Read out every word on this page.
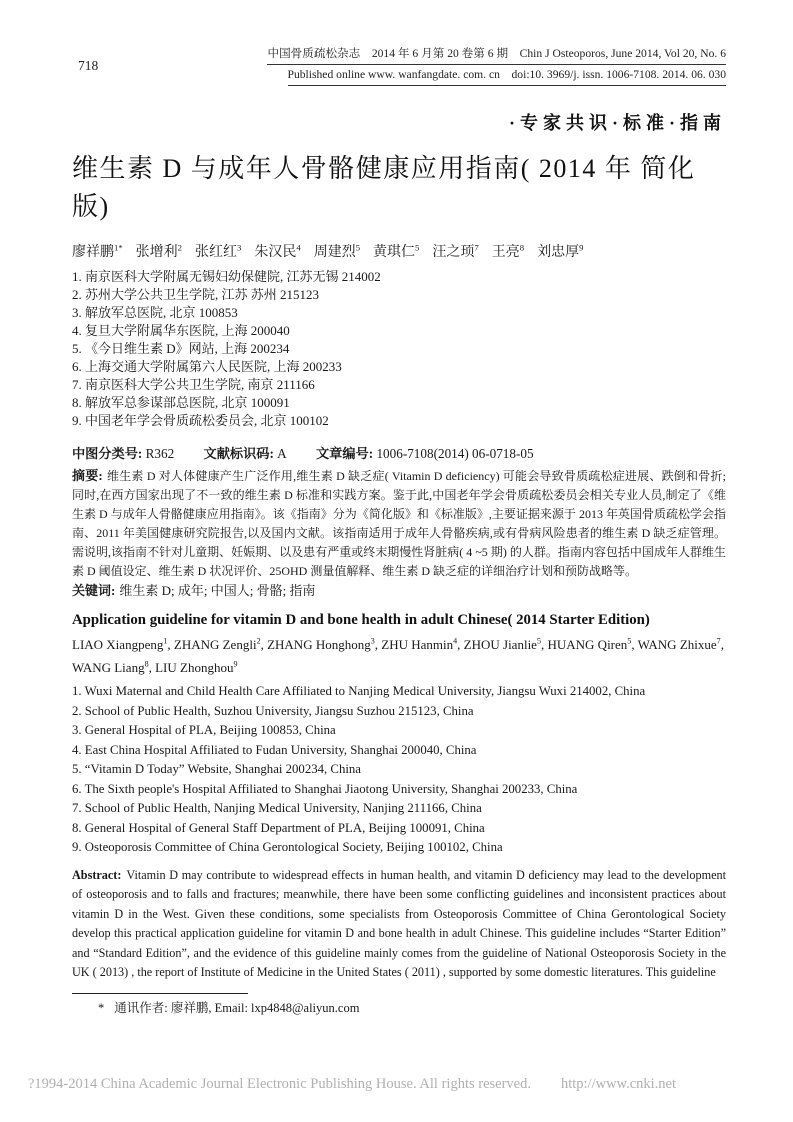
718
中国骨质疏松杂志　2014 年 6 月第 20 卷第 6 期　Chin J Osteoporos, June 2014, Vol 20, No. 6
Published online www. wanfangdate. com. cn　doi:10. 3969/j. issn. 1006-7108. 2014. 06. 030
·专家共识·标准·指南
维生素 D 与成年人骨骼健康应用指南( 2014 年 简化
版)
廖祥鹏$^{1*}$ 张增利$^2$ 张红红$^3$ 朱汉民$^4$ 周建烈$^5$ 黄琪仁$^5$ 汪之顼$^7$ 王亮$^8$ 刘忠厚$^9$
1. 南京医科大学附属无锡妇幼保健院, 江苏无锡 214002
2. 苏州大学公共卫生学院, 江苏 苏州 215123
3. 解放军总医院, 北京 100853
4. 复旦大学附属华东医院, 上海 200040
5. 《今日维生素 D》网站, 上海 200234
6. 上海交通大学附属第六人民医院, 上海 200233
7. 南京医科大学公共卫生学院, 南京 211166
8. 解放军总参谋部总医院, 北京 100091
9. 中国老年学会骨质疏松委员会, 北京 100102
中图分类号: R362 文献标识码: A 文章编号: 1006-7108(2014) 06-0718-05
摘要: 维生素 D 对人体健康产生广泛作用,维生素 D 缺乏症( Vitamin D deficiency) 可能会导致骨质疏松症进展、跌倒和骨折; 同时,在西方国家出现了不一致的维生素 D 标准和实践方案。鉴于此,中国老年学会骨质疏松委员会相关专业人员,制定了《维生素 D 与成年人骨骼健康应用指南》。该《指南》分为《简化版》和《标准版》,主要证据来源于 2013 年英国骨质疏松学会指南、2011 年美国健康研究院报告,以及国内文献。该指南适用于成年人骨骼疾病,或有骨病风险患者的维生素 D 缺乏症管理。需说明,该指南不针对儿童期、妊娠期、以及患有严重或终末期慢性肾脏病( 4 ~5 期) 的人群。指南内容包括中国成年人群维生素 D 阈值设定、维生素 D 状况评价、25OHD 测量值解释、维生素 D 缺乏症的详细治疗计划和预防战略等。
关键词: 维生素 D; 成年; 中国人; 骨骼; 指南
Application guideline for vitamin D and bone health in adult Chinese( 2014 Starter Edition)
LIAO Xiangpeng$^1$ , ZHANG Zengli$^2$ , ZHANG Honghong$^3$ , ZHU Hanmin$^4$ , ZHOU Jianlie$^5$ , HUANG Qiren$^5$ , WANG Zhixue$^7$ , WANG Liang$^8$ , LIU Zhonghou$^9$
1. Wuxi Maternal and Child Health Care Affiliated to Nanjing Medical University, Jiangsu Wuxi 214002, China
2. School of Public Health, Suzhou University, Jiangsu Suzhou 215123, China
3. General Hospital of PLA, Beijing 100853, China
4. East China Hospital Affiliated to Fudan University, Shanghai 200040, China
5. “Vitamin D Today” Website, Shanghai 200234, China
6. The Sixth people's Hospital Affiliated to Shanghai Jiaotong University, Shanghai 200233, China
7. School of Public Health, Nanjing Medical University, Nanjing 211166, China
8. General Hospital of General Staff Department of PLA, Beijing 100091, China
9. Osteoporosis Committee of China Gerontological Society, Beijing 100102, China
Abstract: Vitamin D may contribute to widespread effects in human health, and vitamin D deficiency may lead to the development of osteoporosis and to falls and fractures; meanwhile, there have been some conflicting guidelines and inconsistent practices about vitamin D in the West. Given these conditions, some specialists from Osteoporosis Committee of China Gerontological Society develop this practical application guideline for vitamin D and bone health in adult Chinese. This guideline includes “Starter Edition” and “Standard Edition”, and the evidence of this guideline mainly comes from the guideline of National Osteoporosis Society in the UK ( 2013) , the report of Institute of Medicine in the United States ( 2011) , supported by some domestic literatures. This guideline
* 通讯作者: 廖祥鹏, Email: lxp4848@aliyun.com
?1994-2014 China Academic Journal Electronic Publishing House. All rights reserved. http://www.cnki.net
